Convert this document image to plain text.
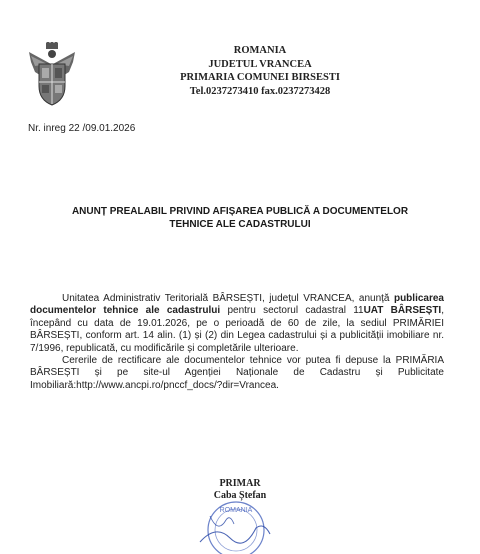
ROMANIA
JUDETUL VRANCEA
PRIMARIA COMUNEI BIRSESTI
Tel.0237273410 fax.0237273428
Nr. inreg 22 /09.01.2026
ANUNȚ PREALABIL PRIVIND AFIȘAREA PUBLICĂ A DOCUMENTELOR
TEHNICE ALE CADASTRULUI

Unitatea Administrativ Teritorială BÂRSEȘTI, județul VRANCEA, anunță publicarea documentelor tehnice ale cadastrului pentru sectorul cadastral 11UAT BÂRSEȘTI, începând cu data de 19.01.2026, pe o perioadă de 60 de zile, la sediul PRIMĂRIEI BÂRSEȘTI, conform art. 14 alin. (1) și (2) din Legea cadastrului și a publicității imobiliare nr. 7/1996, republicată, cu modificările și completările ulterioare.

Cererile de rectificare ale documentelor tehnice vor putea fi depuse la PRIMĂRIA BÂRSEȘTI și pe site-ul Agenției Naționale de Cadastru și Publicitate Imobiliară:http://www.ancpi.ro/pnccf_docs/?dir=Vrancea.

PRIMAR
Caba Ștefan
ROMANIA
